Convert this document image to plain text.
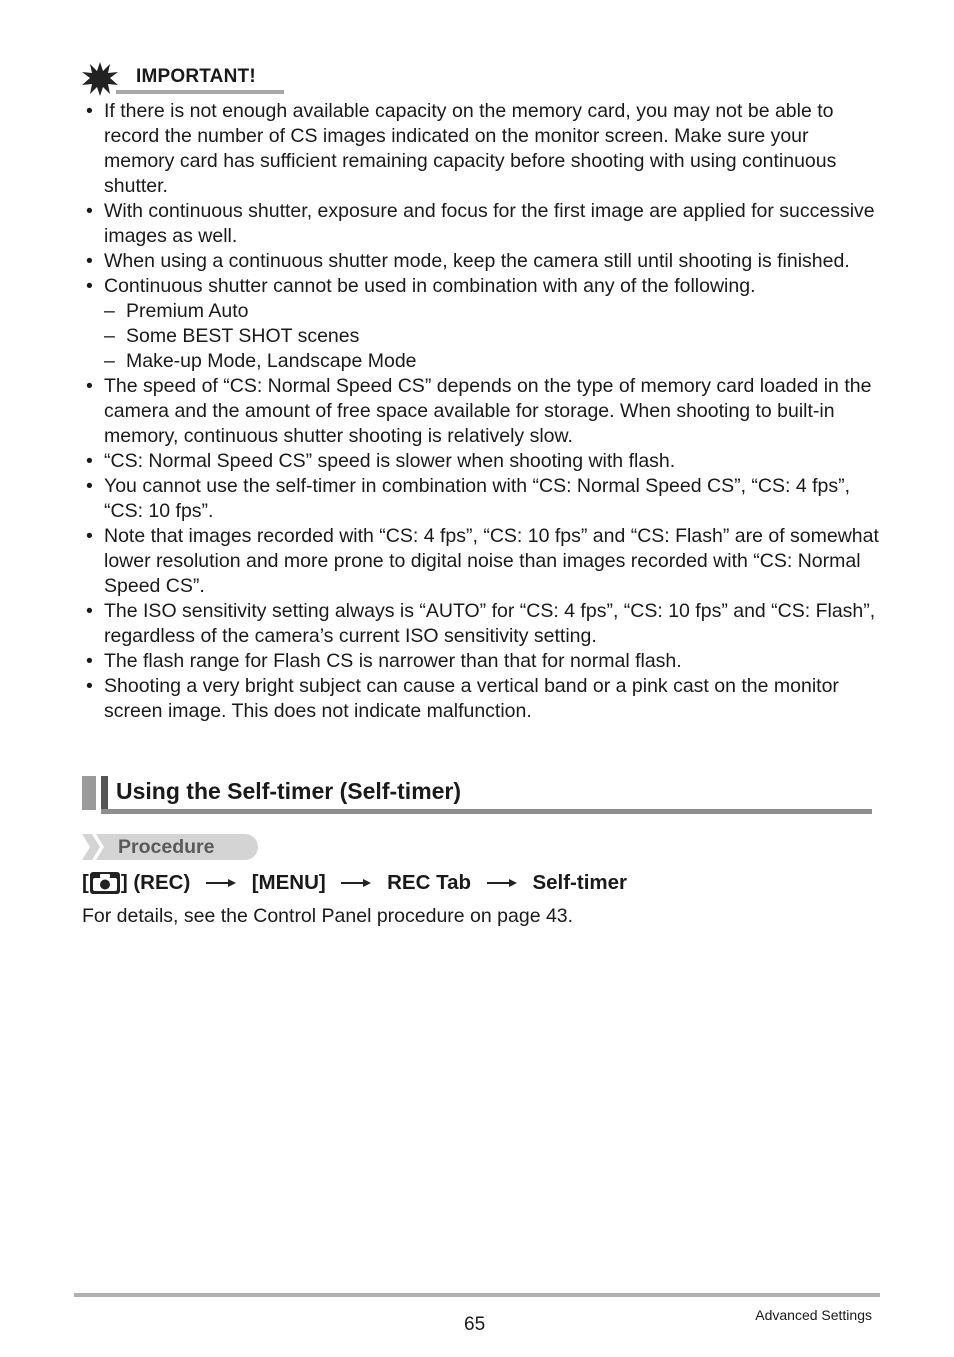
IMPORTANT!
• If there is not enough available capacity on the memory card, you may not be able to record the number of CS images indicated on the monitor screen. Make sure your memory card has sufficient remaining capacity before shooting with using continuous shutter.
• With continuous shutter, exposure and focus for the first image are applied for successive images as well.
• When using a continuous shutter mode, keep the camera still until shooting is finished.
• Continuous shutter cannot be used in combination with any of the following.
– Premium Auto
– Some BEST SHOT scenes
– Make-up Mode, Landscape Mode
• The speed of “CS: Normal Speed CS” depends on the type of memory card loaded in the camera and the amount of free space available for storage. When shooting to built-in memory, continuous shutter shooting is relatively slow.
• “CS: Normal Speed CS” speed is slower when shooting with flash.
• You cannot use the self-timer in combination with “CS: Normal Speed CS”, “CS: 4 fps”, “CS: 10 fps”.
• Note that images recorded with “CS: 4 fps”, “CS: 10 fps” and “CS: Flash” are of somewhat lower resolution and more prone to digital noise than images recorded with “CS: Normal Speed CS”.
• The ISO sensitivity setting always is “AUTO” for “CS: 4 fps”, “CS: 10 fps” and “CS: Flash”, regardless of the camera’s current ISO sensitivity setting.
• The flash range for Flash CS is narrower than that for normal flash.
• Shooting a very bright subject can cause a vertical band or a pink cast on the monitor screen image. This does not indicate malfunction.
Using the Self-timer (Self-timer)
Procedure
[ ] (REC)	[MENU]	REC Tab	Self-timer
For details, see the Control Panel procedure on page 43.
65	Advanced Settings
